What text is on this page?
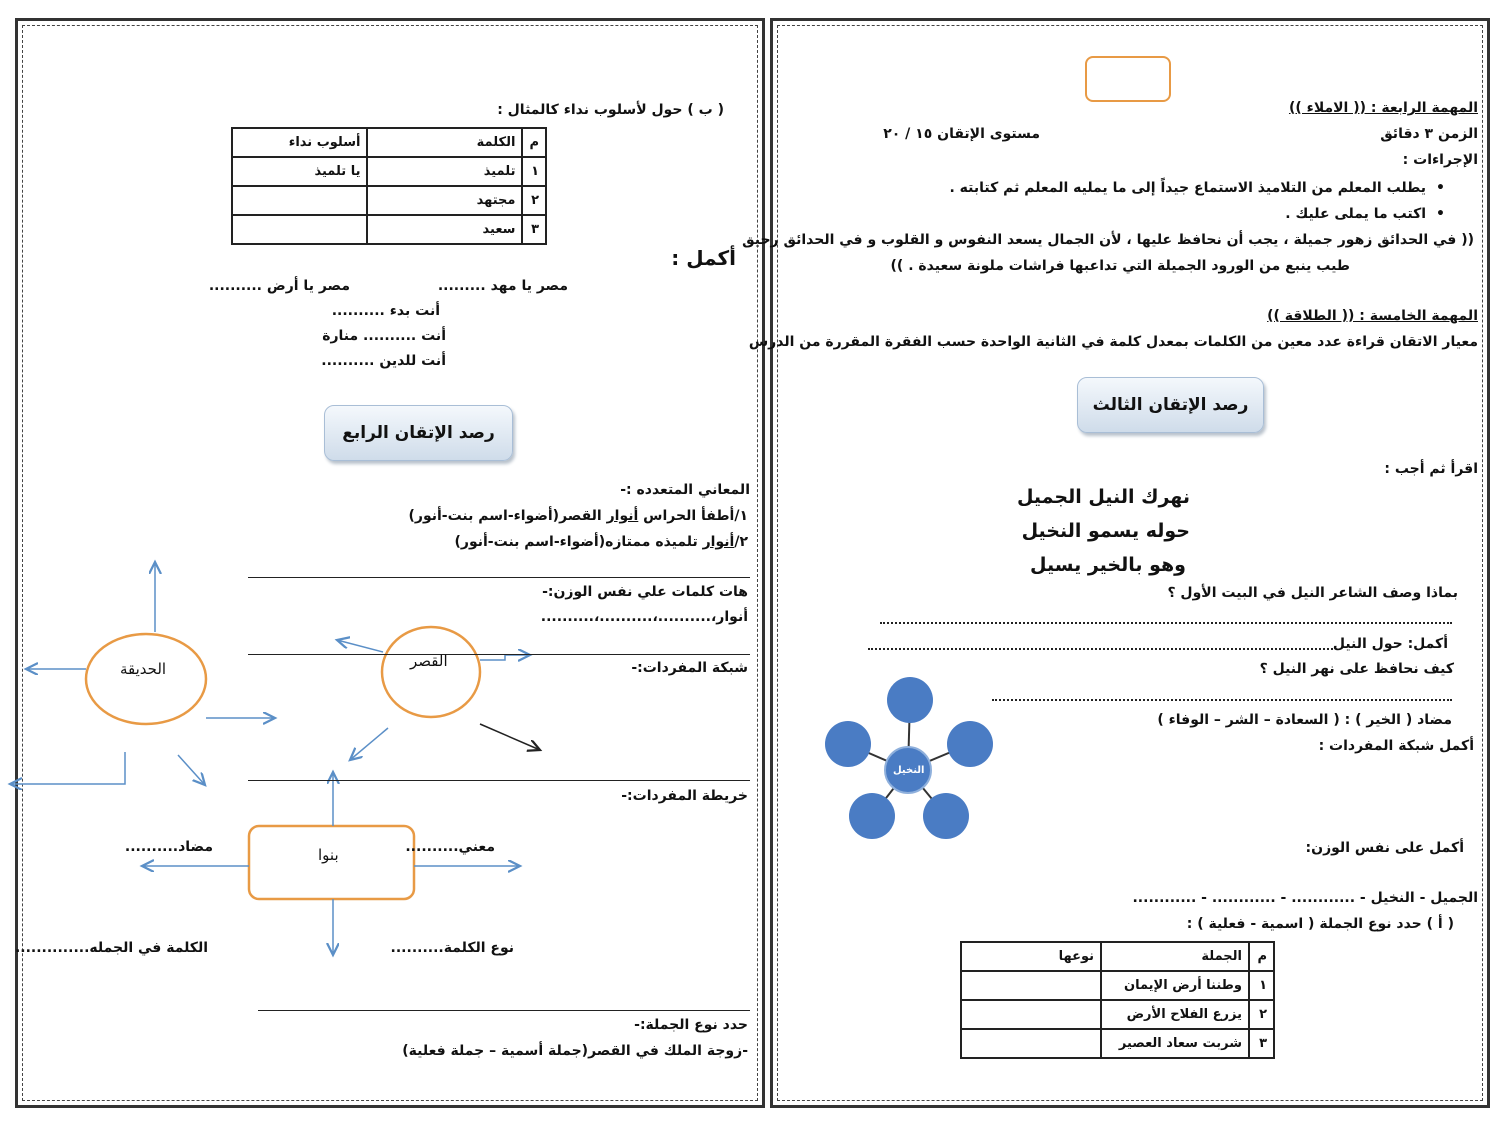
المهمة الرابعة : (( الاملاء ))
الزمن ٣ دقائق
مستوى الإتقان ١٥ / ٢٠
الإجراءات :
• يطلب المعلم من التلاميذ الاستماع جيداً إلى ما يمليه المعلم ثم كتابته .
• اكتب ما يملى عليك .
(( في الحدائق زهور جميلة ، يجب أن نحافظ عليها ، لأن الجمال يسعد النفوس و القلوب و في الحدائق رحيق
طيب ينبع من الورود الجميلة التي تداعبها فراشات ملونة سعيدة . ))
المهمة الخامسة : (( الطلاقة ))
معيار الاتقان قراءة عدد معين من الكلمات بمعدل كلمة في الثانية الواحدة حسب الفقرة المقررة من الدرس
رصد الإتقان الثالث
اقرأ ثم أجب :
نهرك النيل الجميل
حوله يسمو النخيل
وهو بالخير يسيل
بماذا وصف الشاعر النيل في البيت الأول ؟
أكمل: حول النيل
كيف نحافظ على نهر النيل ؟
مضاد ( الخير ) : ( السعادة – الشر – الوفاء )
أكمل شبكة المفردات :
النخيل
أكمل على نفس الوزن:
الجميل - النخيل - ............ - ............ - ............
( أ ) حدد نوع الجملة ( اسمية - فعلية ) :
م	الجملة	نوعها
١	وطننا أرض الإيمان	
٢	يزرع الفلاح الأرض	
٣	شربت سعاد العصير	
( ب ) حول لأسلوب نداء كالمثال :
م	الكلمة	أسلوب نداء
١	تلميذ	يا تلميذ
٢	مجتهد	
٣	سعيد	
أكمل :
مصر يا مهد .........
مصر يا أرض ..........
أنت بدء ..........
أنت .......... منارة
أنت للدين ..........
رصد الإتقان الرابع
المعاني المتعدده :-
١/أطفأ الحراس أنوار القصر(أضواء-اسم بنت-أنور)
٢/أنوار تلميذه ممتازه(أضواء-اسم بنت-أنور)
هات كلمات علي نفس الوزن:-
أنوار،..........،..........،..........
شبكة المفردات:-
القصر
الحديقة
خريطة المفردات:-
بنوا	معني..........
مضاد..........
نوع الكلمة..........
الكلمة في الجمله..............
حدد نوع الجملة:-
-زوجة الملك في القصر(جملة أسمية – جملة فعلية)
